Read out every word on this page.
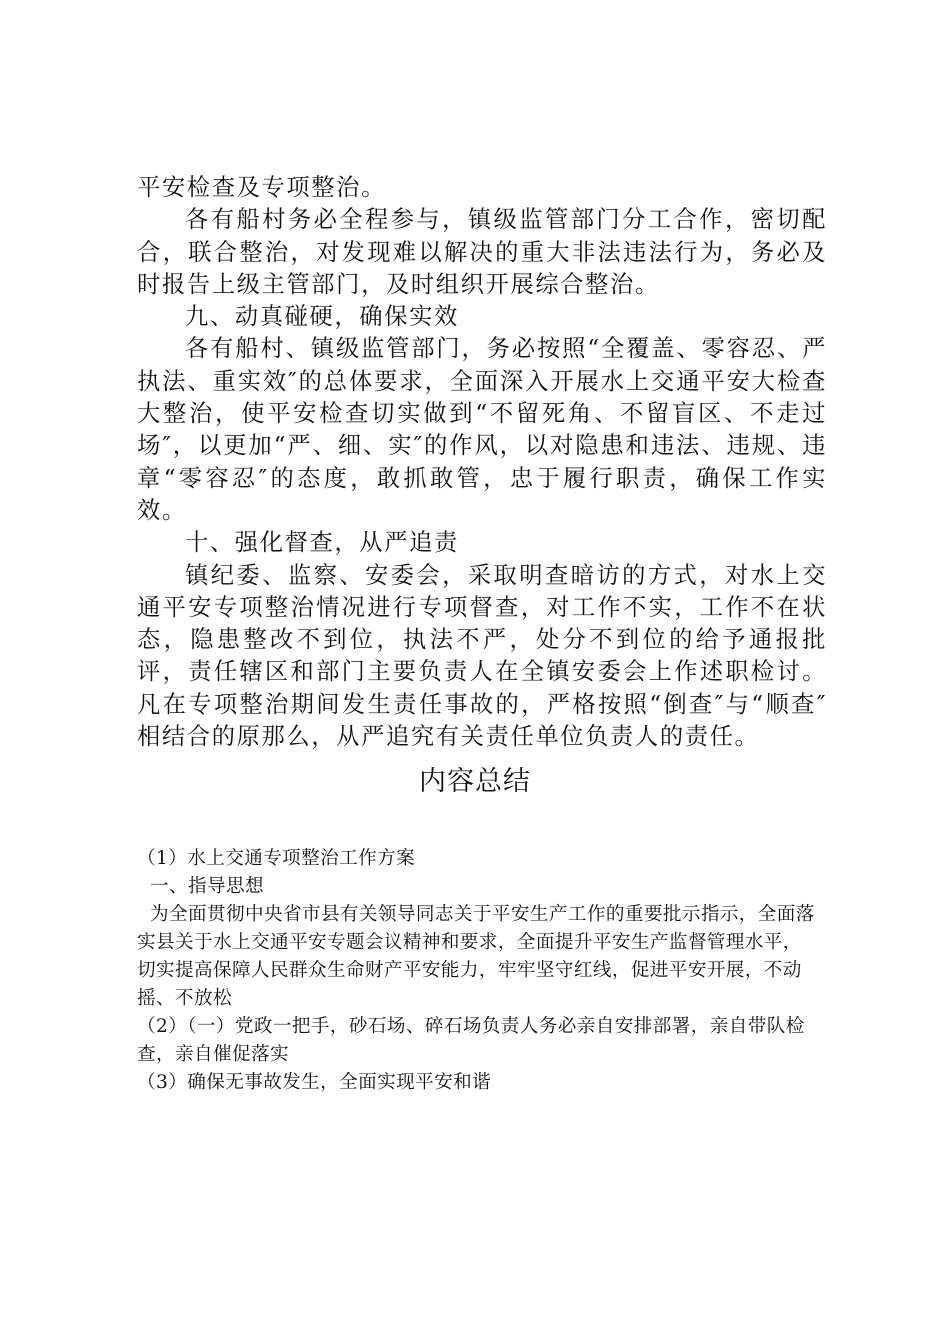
平安检查及专项整治。

各有船村务必全程参与，镇级监管部门分工合作，密切配合，联合整治，对发现难以解决的重大非法违法行为，务必及时报告上级主管部门，及时组织开展综合整治。

九、动真碰硬，确保实效

各有船村、镇级监管部门，务必按照“全覆盖、零容忍、严执法、重实效″的总体要求，全面深入开展水上交通平安大检查大整治，使平安检查切实做到“不留死角、不留盲区、不走过场″，以更加“严、细、实″的作风，以对隐患和违法、违规、违章“零容忍″的态度，敢抓敢管，忠于履行职责，确保工作实效。

十、强化督查，从严追责

镇纪委、监察、安委会，采取明查暗访的方式，对水上交通平安专项整治情况进行专项督查，对工作不实，工作不在状态，隐患整改不到位，执法不严，处分不到位的给予通报批评，责任辖区和部门主要负责人在全镇安委会上作述职检讨。凡在专项整治期间发生责任事故的，严格按照“倒查″与“顺查″相结合的原那么，从严追究有关责任单位负责人的责任。

内容总结

（1）水上交通专项整治工作方案

一、指导思想

为全面贯彻中央省市县有关领导同志关于平安生产工作的重要批示指示，全面落实县关于水上交通平安专题会议精神和要求，全面提升平安生产监督管理水平，切实提高保障人民群众生命财产平安能力，牢牢坚守红线，促进平安开展，不动摇、不放松

（2）（一）党政一把手，砂石场、碎石场负责人务必亲自安排部署，亲自带队检查，亲自催促落实

（3）确保无事故发生，全面实现平安和谐
